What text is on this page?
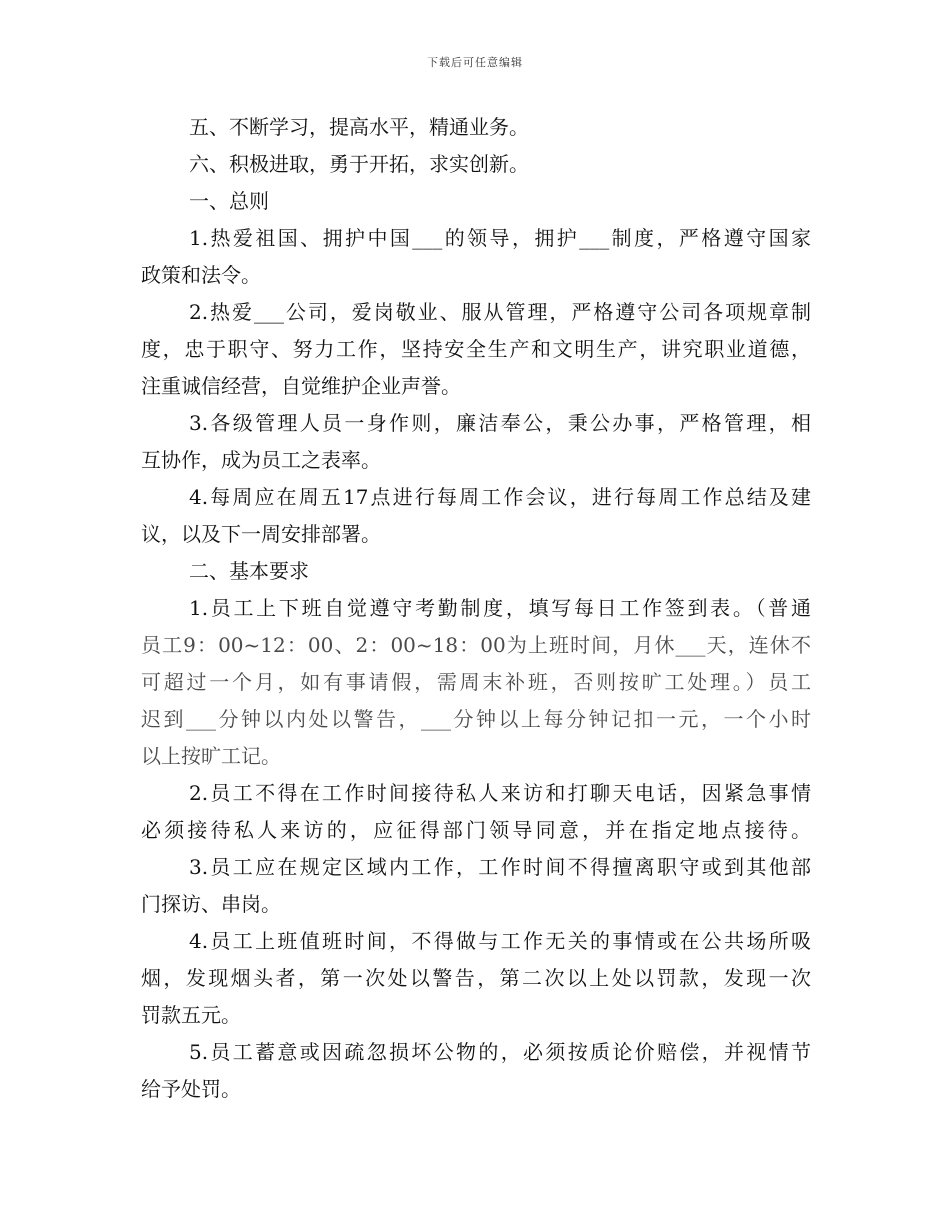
下载后可任意编辑
五、不断学习，提高水平，精通业务。
六、积极进取，勇于开拓，求实创新。
一、总则
1.热爱祖国、拥护中国___的领导，拥护___制度，严格遵守国家
政策和法令。
2.热爱___公司，爱岗敬业、服从管理，严格遵守公司各项规章制
度，忠于职守、努力工作，坚持安全生产和文明生产，讲究职业道德，
注重诚信经营，自觉维护企业声誉。
3.各级管理人员一身作则，廉洁奉公，秉公办事，严格管理，相
互协作，成为员工之表率。
4.每周应在周五17点进行每周工作会议，进行每周工作总结及建
议，以及下一周安排部署。
二、基本要求
1.员工上下班自觉遵守考勤制度，填写每日工作签到表。（普通
员工9：00~12：00、2：00~18：00为上班时间，月休___天，连休不
可超过一个月，如有事请假，需周末补班，否则按旷工处理。）员工
迟到___分钟以内处以警告，___分钟以上每分钟记扣一元，一个小时
以上按旷工记。
2.员工不得在工作时间接待私人来访和打聊天电话，因紧急事情
必须接待私人来访的，应征得部门领导同意，并在指定地点接待。
3.员工应在规定区域内工作，工作时间不得擅离职守或到其他部
门探访、串岗。
4.员工上班值班时间，不得做与工作无关的事情或在公共场所吸
烟，发现烟头者，第一次处以警告，第二次以上处以罚款，发现一次
罚款五元。
5.员工蓄意或因疏忽损坏公物的，必须按质论价赔偿，并视情节
给予处罚。
